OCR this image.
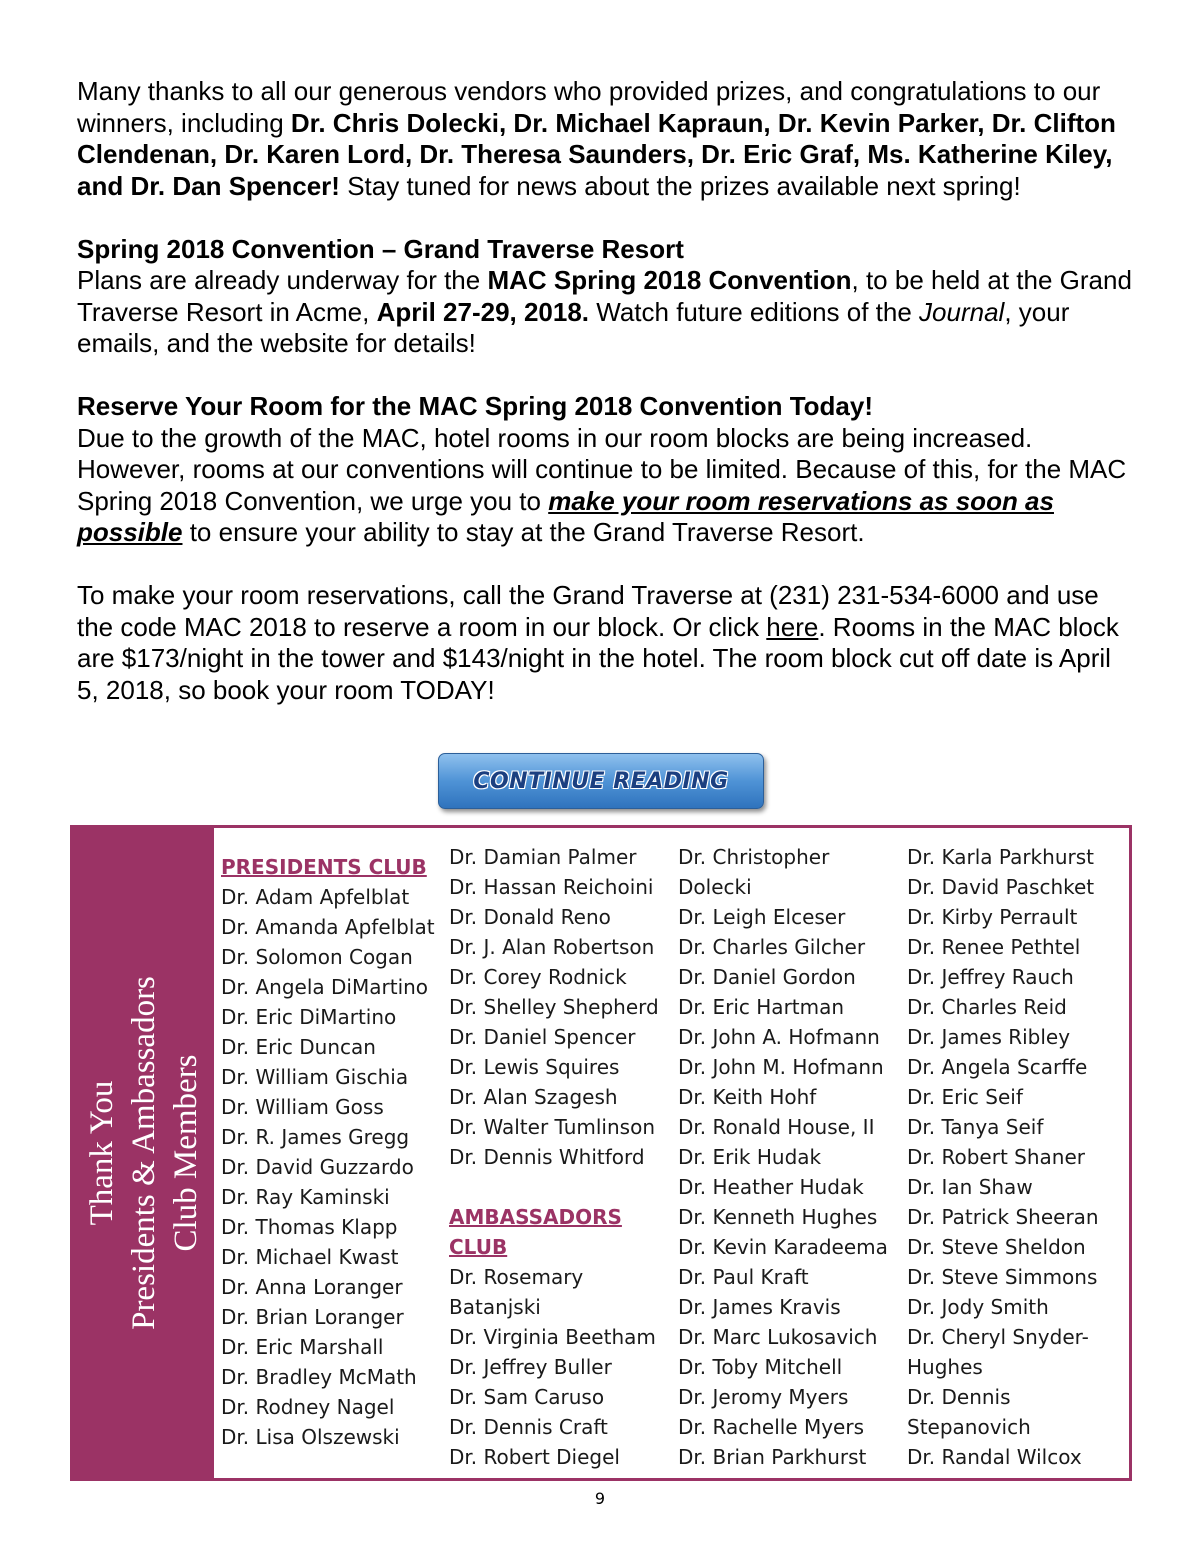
Many thanks to all our generous vendors who provided prizes, and congratulations to our winners, including Dr. Chris Dolecki, Dr. Michael Kapraun, Dr. Kevin Parker, Dr. Clifton Clendenan, Dr. Karen Lord, Dr. Theresa Saunders, Dr. Eric Graf, Ms. Katherine Kiley, and Dr. Dan Spencer! Stay tuned for news about the prizes available next spring!

Spring 2018 Convention – Grand Traverse Resort
Plans are already underway for the MAC Spring 2018 Convention, to be held at the Grand Traverse Resort in Acme, April 27-29, 2018. Watch future editions of the Journal, your emails, and the website for details!

Reserve Your Room for the MAC Spring 2018 Convention Today!
Due to the growth of the MAC, hotel rooms in our room blocks are being increased. However, rooms at our conventions will continue to be limited. Because of this, for the MAC Spring 2018 Convention, we urge you to make your room reservations as soon as possible to ensure your ability to stay at the Grand Traverse Resort.

To make your room reservations, call the Grand Traverse at (231) 231-534-6000 and use the code MAC 2018 to reserve a room in our block. Or click here. Rooms in the MAC block are $173/night in the tower and $143/night in the hotel. The room block cut off date is April 5, 2018, so book your room TODAY!

CONTINUE READING
Thank You Presidents & Ambassadors Club Members
PRESIDENTS CLUB
Dr. Adam Apfelblat
Dr. Amanda Apfelblat
Dr. Solomon Cogan
Dr. Angela DiMartino
Dr. Eric DiMartino
Dr. Eric Duncan
Dr. William Gischia
Dr. William Goss
Dr. R. James Gregg
Dr. David Guzzardo
Dr. Ray Kaminski
Dr. Thomas Klapp
Dr. Michael Kwast
Dr. Anna Loranger
Dr. Brian Loranger
Dr. Eric Marshall
Dr. Bradley McMath
Dr. Rodney Nagel
Dr. Lisa Olszewski
Dr. Damian Palmer
Dr. Hassan Reichoini
Dr. Donald Reno
Dr. J. Alan Robertson
Dr. Corey Rodnick
Dr. Shelley Shepherd
Dr. Daniel Spencer
Dr. Lewis Squires
Dr. Alan Szagesh
Dr. Walter Tumlinson
Dr. Dennis Whitford
AMBASSADORS CLUB
Dr. Rosemary
Batanjski
Dr. Virginia Beetham
Dr. Jeffrey Buller
Dr. Sam Caruso
Dr. Dennis Craft
Dr. Robert Diegel
Dr. Christopher
Dolecki
Dr. Leigh Elceser
Dr. Charles Gilcher
Dr. Daniel Gordon
Dr. Eric Hartman
Dr. John A. Hofmann
Dr. John M. Hofmann
Dr. Keith Hohf
Dr. Ronald House, II
Dr. Erik Hudak
Dr. Heather Hudak
Dr. Kenneth Hughes
Dr. Kevin Karadeema
Dr. Paul Kraft
Dr. James Kravis
Dr. Marc Lukosavich
Dr. Toby Mitchell
Dr. Jeromy Myers
Dr. Rachelle Myers
Dr. Brian Parkhurst
Dr. Karla Parkhurst
Dr. David Paschket
Dr. Kirby Perrault
Dr. Renee Pethtel
Dr. Jeffrey Rauch
Dr. Charles Reid
Dr. James Ribley
Dr. Angela Scarffe
Dr. Eric Seif
Dr. Tanya Seif
Dr. Robert Shaner
Dr. Ian Shaw
Dr. Patrick Sheeran
Dr. Steve Sheldon
Dr. Steve Simmons
Dr. Jody Smith
Dr. Cheryl Snyder-
Hughes
Dr. Dennis
Stepanovich
Dr. Randal Wilcox
9
